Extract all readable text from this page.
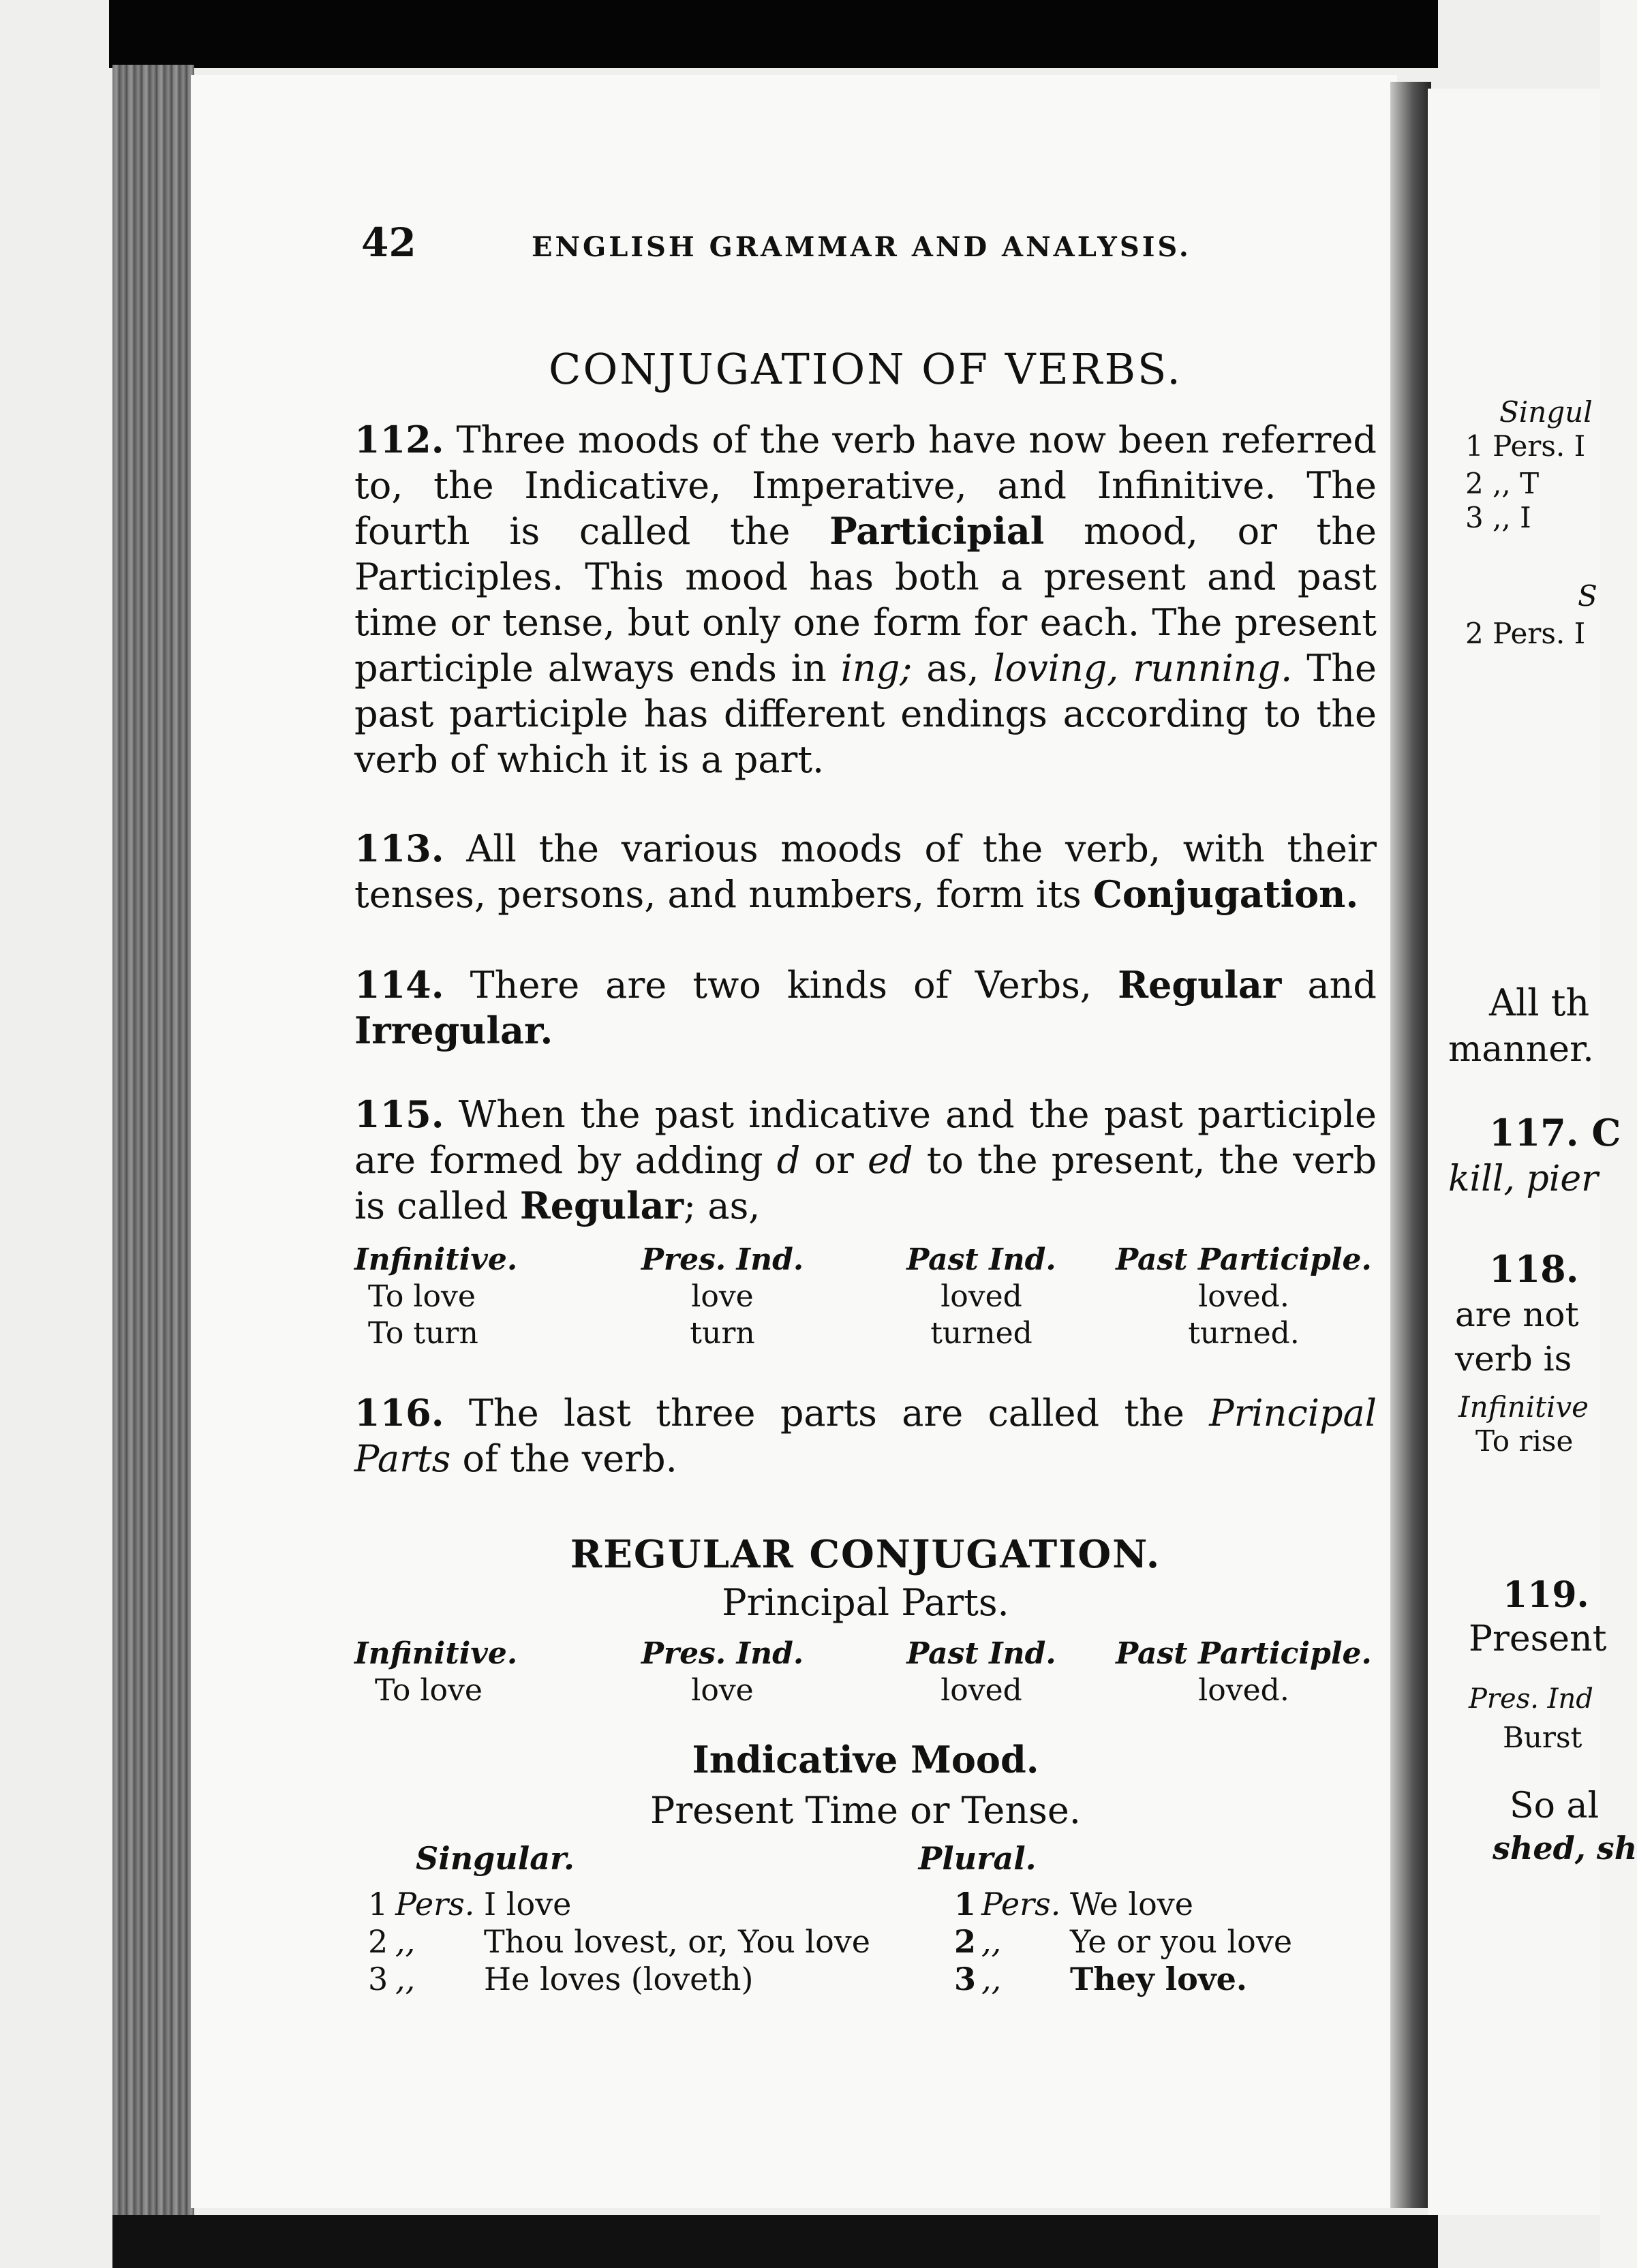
42	ENGLISH GRAMMAR AND ANALYSIS.
CONJUGATION OF VERBS.

112. Three moods of the verb have now been referred to, the Indicative, Imperative, and Infinitive. The fourth is called the Participial mood, or the Participles. This mood has both a present and past time or tense, but only one form for each. The present participle always ends in ing; as, loving, running. The past participle has different endings according to the verb of which it is a part.

113. All the various moods of the verb, with their tenses, persons, and numbers, form its Conjugation.

114. There are two kinds of Verbs, Regular and Irregular.

115. When the past indicative and the past participle are formed by adding d or ed to the present, the verb is called Regular; as,

Infinitive.	Pres. Ind.	Past Ind.	Past Participle.
To love	love	loved	loved.
To turn	turn	turned	turned.

116. The last three parts are called the Principal Parts of the verb.

REGULAR CONJUGATION.
Principal Parts.
Infinitive.	Pres. Ind.	Past Ind.	Past Participle.
To love	love	loved	loved.
Indicative Mood.
Present Time or Tense.
Singular.	Plural.
1 Pers. I love	1 Pers. We love
2 ,,	Thou lovest, or, You love	2 ,,	Ye or you love
3 ,,	He loves (loveth)	3 ,,	They love.
Singul
1 Pers. I
2 ,, T
3 ,, I
S
2 Pers. I
All th
manner.
117. C
kill, pier
118.
are not
verb is
Infinitive
To rise
119.
Present
Pres. Ind
Burst
So al
shed, sh
